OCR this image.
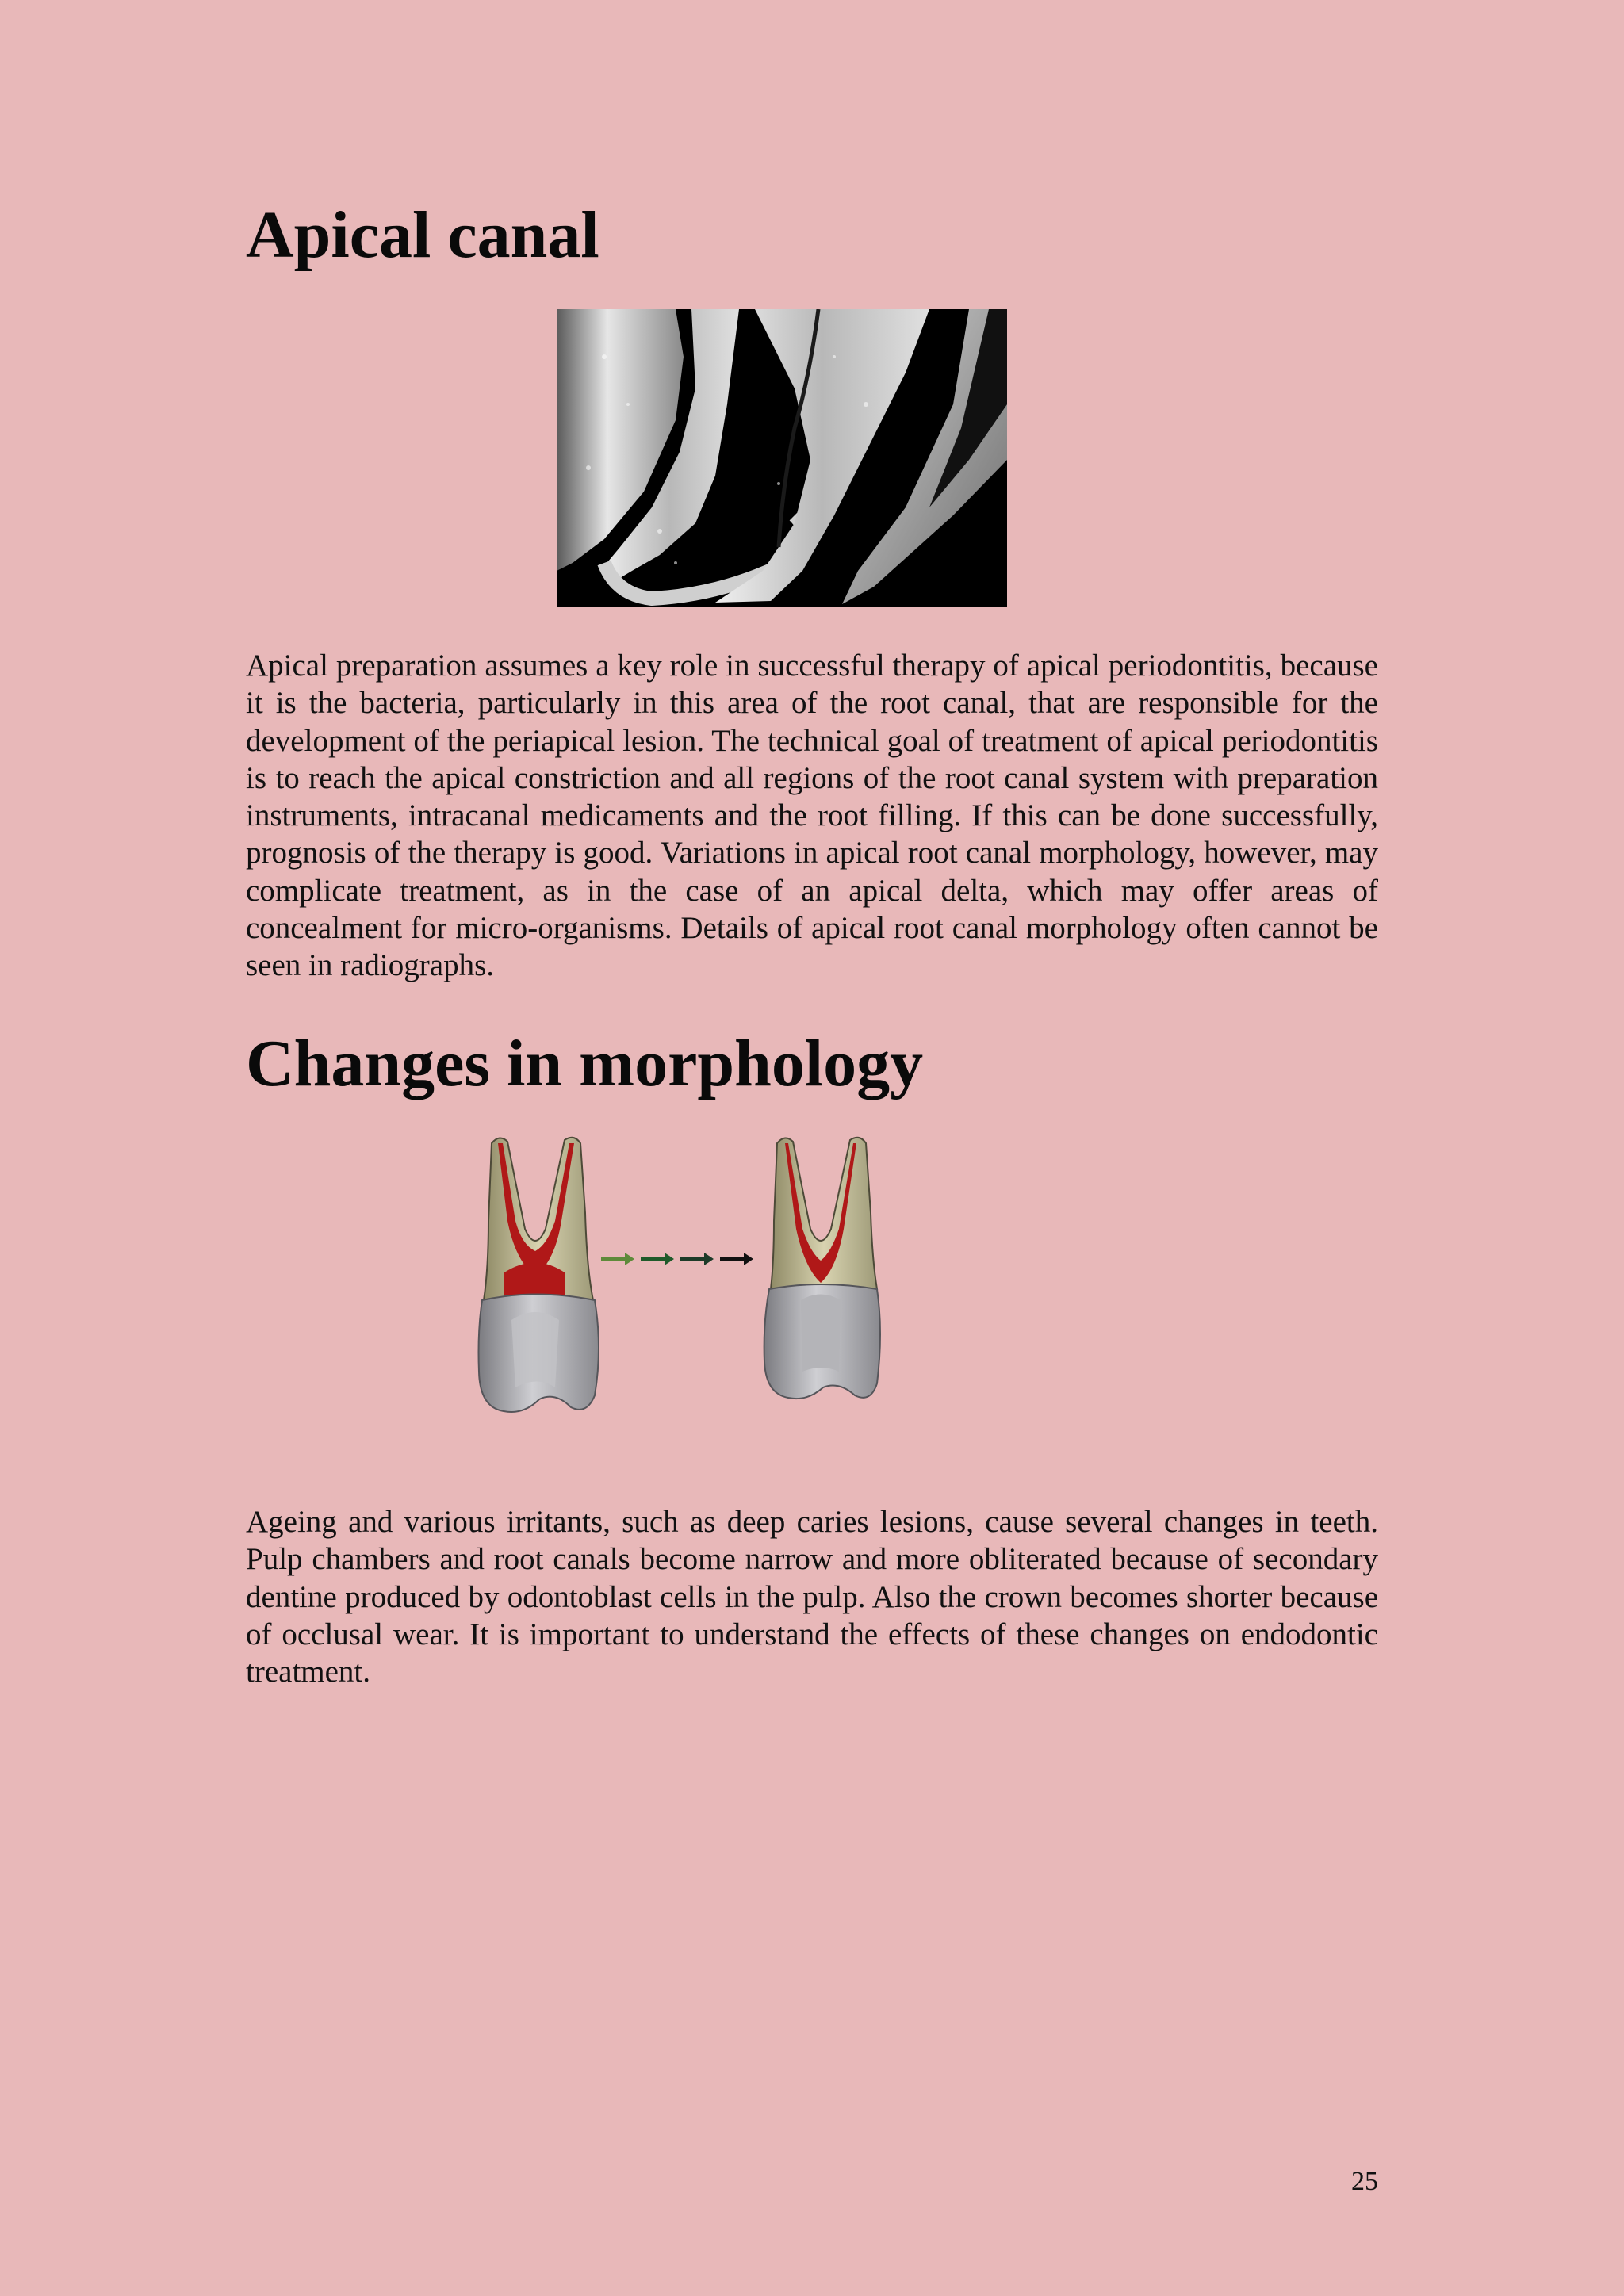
Apical canal

Apical preparation assumes a key role in successful therapy of apical periodontitis, because it is the bacteria, particularly in this area of the root canal, that are responsible for the development of the periapical lesion. The technical goal of treatment of apical periodontitis is to reach the apical constriction and all regions of the root canal system with preparation instruments, intracanal medicaments and the root filling. If this can be done successfully, prognosis of the therapy is good. Variations in apical root canal morphology, however, may complicate treatment, as in the case of an apical delta, which may offer areas of concealment for micro-organisms. Details of apical root canal morphology often cannot be seen in radiographs.

Changes in morphology

Ageing and various irritants, such as deep caries lesions, cause several changes in teeth. Pulp chambers and root canals become narrow and more obliterated because of secondary dentine produced by odontoblast cells in the pulp. Also the crown becomes shorter because of occlusal wear. It is important to understand the effects of these changes on endodontic treatment.

25
